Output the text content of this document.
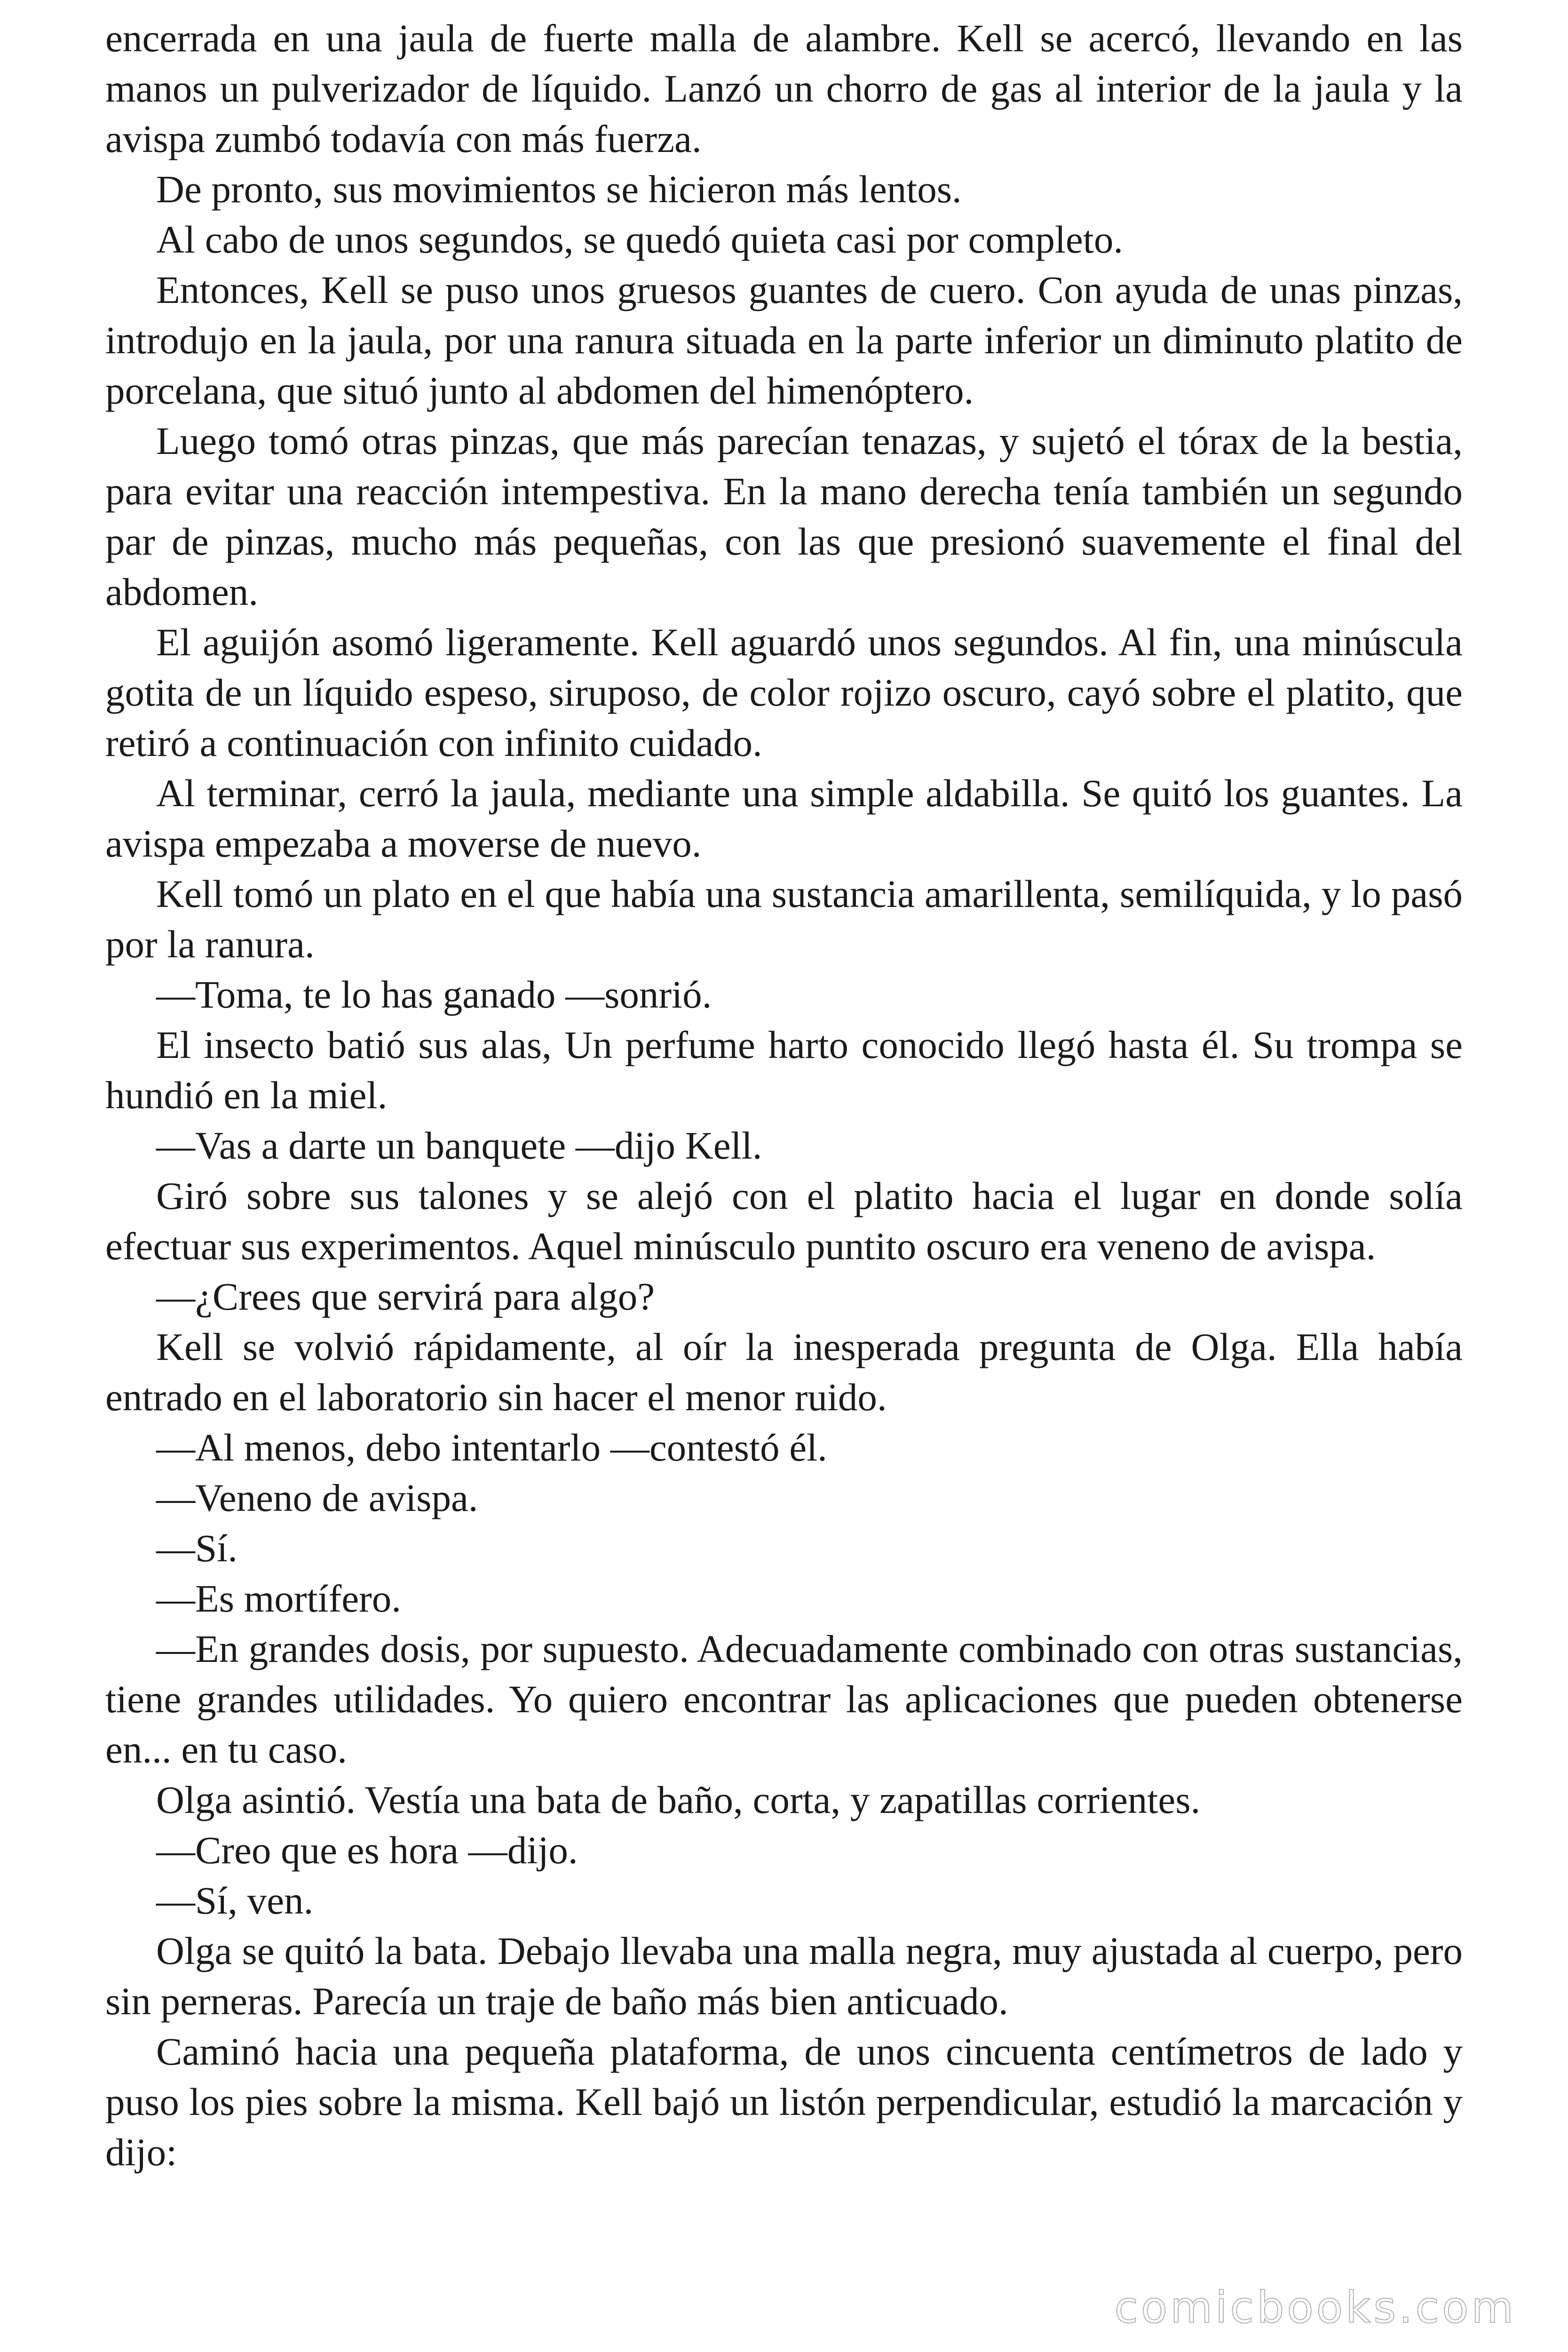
encerrada en una jaula de fuerte malla de alambre. Kell se acercó, llevando en las manos un pulverizador de líquido. Lanzó un chorro de gas al interior de la jaula y la avispa zumbó todavía con más fuerza.

De pronto, sus movimientos se hicieron más lentos.

Al cabo de unos segundos, se quedó quieta casi por completo.

Entonces, Kell se puso unos gruesos guantes de cuero. Con ayuda de unas pinzas, introdujo en la jaula, por una ranura situada en la parte inferior un diminuto platito de porcelana, que situó junto al abdomen del himenóptero.

Luego tomó otras pinzas, que más parecían tenazas, y sujetó el tórax de la bestia, para evitar una reacción intempestiva. En la mano derecha tenía también un segundo par de pinzas, mucho más pequeñas, con las que presionó suavemente el final del abdomen.

El aguijón asomó ligeramente. Kell aguardó unos segundos. Al fin, una minúscula gotita de un líquido espeso, siruposo, de color rojizo oscuro, cayó sobre el platito, que retiró a continuación con infinito cuidado.

Al terminar, cerró la jaula, mediante una simple aldabilla. Se quitó los guantes. La avispa empezaba a moverse de nuevo.

Kell tomó un plato en el que había una sustancia amarillenta, semilíquida, y lo pasó por la ranura.

—Toma, te lo has ganado —sonrió.

El insecto batió sus alas, Un perfume harto conocido llegó hasta él. Su trompa se hundió en la miel.

—Vas a darte un banquete —dijo Kell.

Giró sobre sus talones y se alejó con el platito hacia el lugar en donde solía efectuar sus experimentos. Aquel minúsculo puntito oscuro era veneno de avispa.

—¿Crees que servirá para algo?

Kell se volvió rápidamente, al oír la inesperada pregunta de Olga. Ella había entrado en el laboratorio sin hacer el menor ruido.

—Al menos, debo intentarlo —contestó él.

—Veneno de avispa.

—Sí.

—Es mortífero.

—En grandes dosis, por supuesto. Adecuadamente combinado con otras sustancias, tiene grandes utilidades. Yo quiero encontrar las aplicaciones que pueden obtenerse en... en tu caso.

Olga asintió. Vestía una bata de baño, corta, y zapatillas corrientes.

—Creo que es hora —dijo.

—Sí, ven.

Olga se quitó la bata. Debajo llevaba una malla negra, muy ajustada al cuerpo, pero sin perneras. Parecía un traje de baño más bien anticuado.

Caminó hacia una pequeña plataforma, de unos cincuenta centímetros de lado y puso los pies sobre la misma. Kell bajó un listón perpendicular, estudió la marcación y dijo:

comicbooks.com
